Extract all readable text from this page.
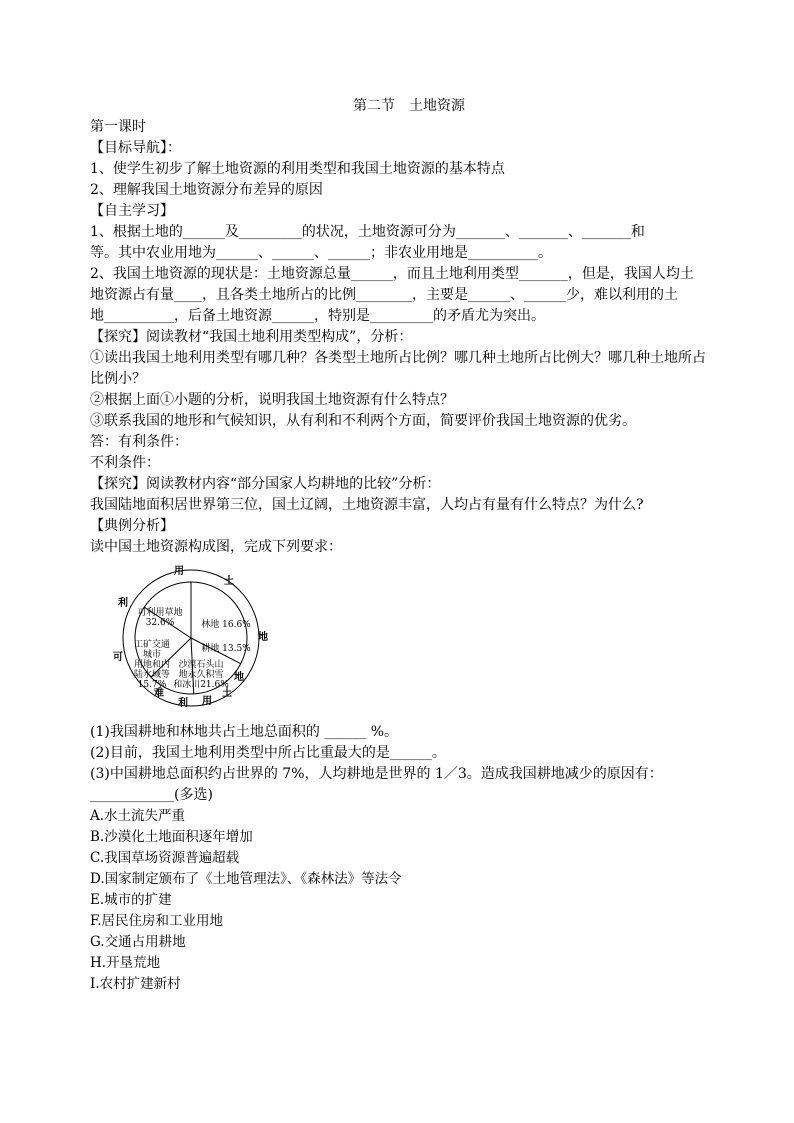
第二节　土地资源
第一课时
【目标导航】：
1、使学生初步了解土地资源的利用类型和我国土地资源的基本特点
2、理解我国土地资源分布差异的原因
【自主学习】
1、根据土地的______及_________的状况，土地资源可分为_______、_______、_______和
等。其中农业用地为______、______、______；非农业用地是__________。
2、我国土地资源的现状是：土地资源总量______，而且土地利用类型_______，但是，我国人均土
地资源占有量____，且各类土地所占的比例________，主要是______、______少，难以利用的土
地__________，后备土地资源______，特别是_________的矛盾尤为突出。
【探究】阅读教材“我国土地利用类型构成”，分析：
①读出我国土地利用类型有哪几种？各类型土地所占比例？哪几种土地所占比例大？哪几种土地所占比例小？
②根据上面①小题的分析，说明我国土地资源有什么特点？
③联系我国的地形和气候知识，从有利和不利两个方面，简要评价我国土地资源的优劣。
答：有利条件：
不利条件：
【探究】阅读教材内容“部分国家人均耕地的比较”分析：
我国陆地面积居世界第三位，国土辽阔，土地资源丰富，人均占有量有什么特点？为什么?
【典例分析】
读中国土地资源构成图，完成下列要求：
可利用草地
32.6%	林地 16.6%
耕地 13.5%
沙漠石头山
地永久积雪
和冰川21.6%
工矿交通城市
用地和内
陆水域等
15.7%
用
土
利
地
可
难
利 用
土
地
(1)我国耕地和林地共占土地总面积的 ______ %。
(2)目前，我国土地利用类型中所占比重最大的是______。
(3)中国耕地总面积约占世界的 7%，人均耕地是世界的 1／3。造成我国耕地减少的原因有：
____________(多选)
A.水土流失严重
B.沙漠化土地面积逐年增加
C.我国草场资源普遍超载
D.国家制定颁布了《土地管理法》、《森林法》等法令
E.城市的扩建
F.居民住房和工业用地
G.交通占用耕地
H.开垦荒地
I.农村扩建新村
